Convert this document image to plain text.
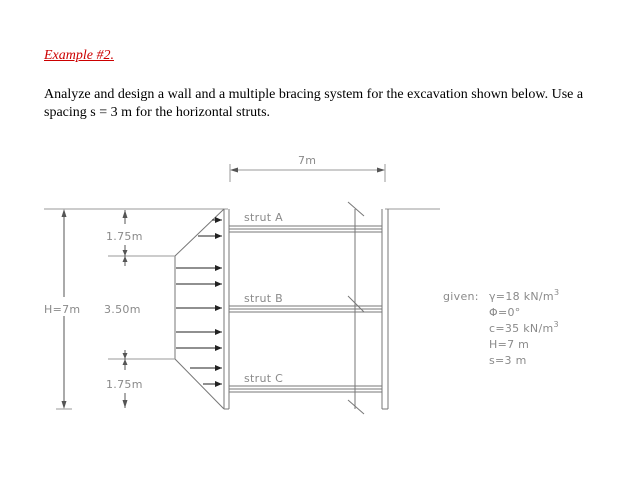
Example #2.
Analyze and design a wall and a multiple bracing system for the excavation shown below. Use a spacing s = 3 m for the horizontal struts.
7m
strut A
strut B
strut C
1.75m
3.50m
1.75m
H=7m
given: γ=18 $kN/m^3$
Φ=0°
c=35 $kN/m^3$
H=7 m
s=3 m
